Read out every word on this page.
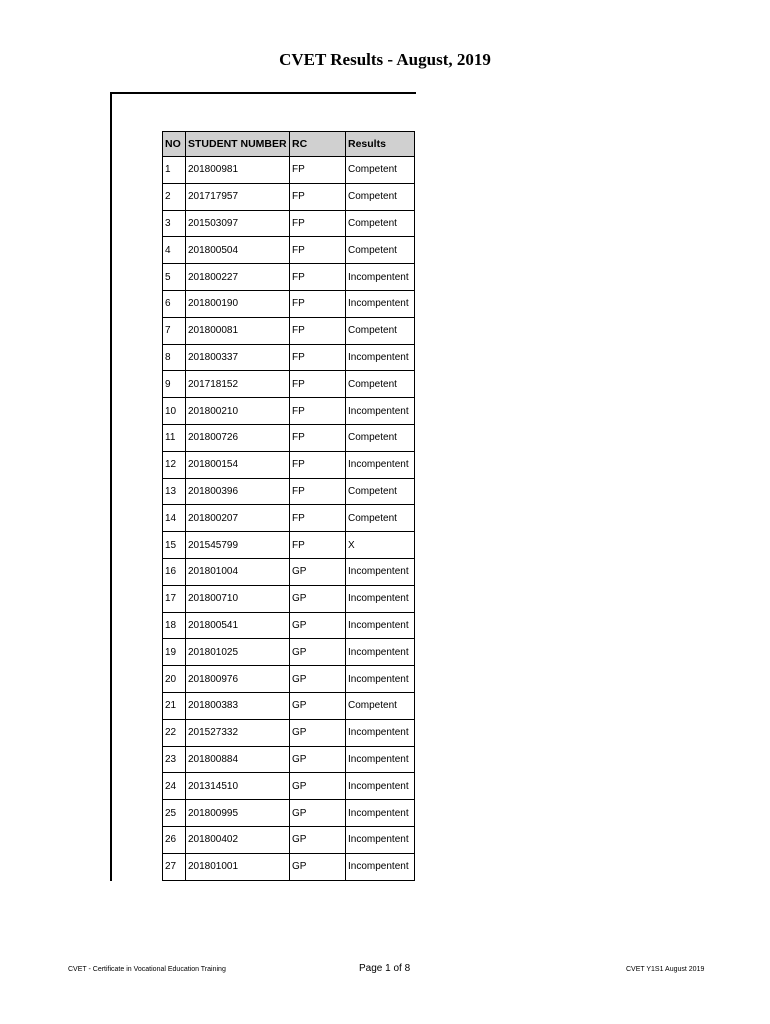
CVET Results - August, 2019
NO	STUDENT NUMBER	RC	Results
1	201800981	FP	Competent
2	201717957	FP	Competent
3	201503097	FP	Competent
4	201800504	FP	Competent
5	201800227	FP	Incompentent
6	201800190	FP	Incompentent
7	201800081	FP	Competent
8	201800337	FP	Incompentent
9	201718152	FP	Competent
10	201800210	FP	Incompentent
11	201800726	FP	Competent
12	201800154	FP	Incompentent
13	201800396	FP	Competent
14	201800207	FP	Competent
15	201545799	FP	X
16	201801004	GP	Incompentent
17	201800710	GP	Incompentent
18	201800541	GP	Incompentent
19	201801025	GP	Incompentent
20	201800976	GP	Incompentent
21	201800383	GP	Competent
22	201527332	GP	Incompentent
23	201800884	GP	Incompentent
24	201314510	GP	Incompentent
25	201800995	GP	Incompentent
26	201800402	GP	Incompentent
27	201801001	GP	Incompentent
CVET - Certificate in Vocational Education Training	Page 1 of 8	CVET Y1S1 August 2019
